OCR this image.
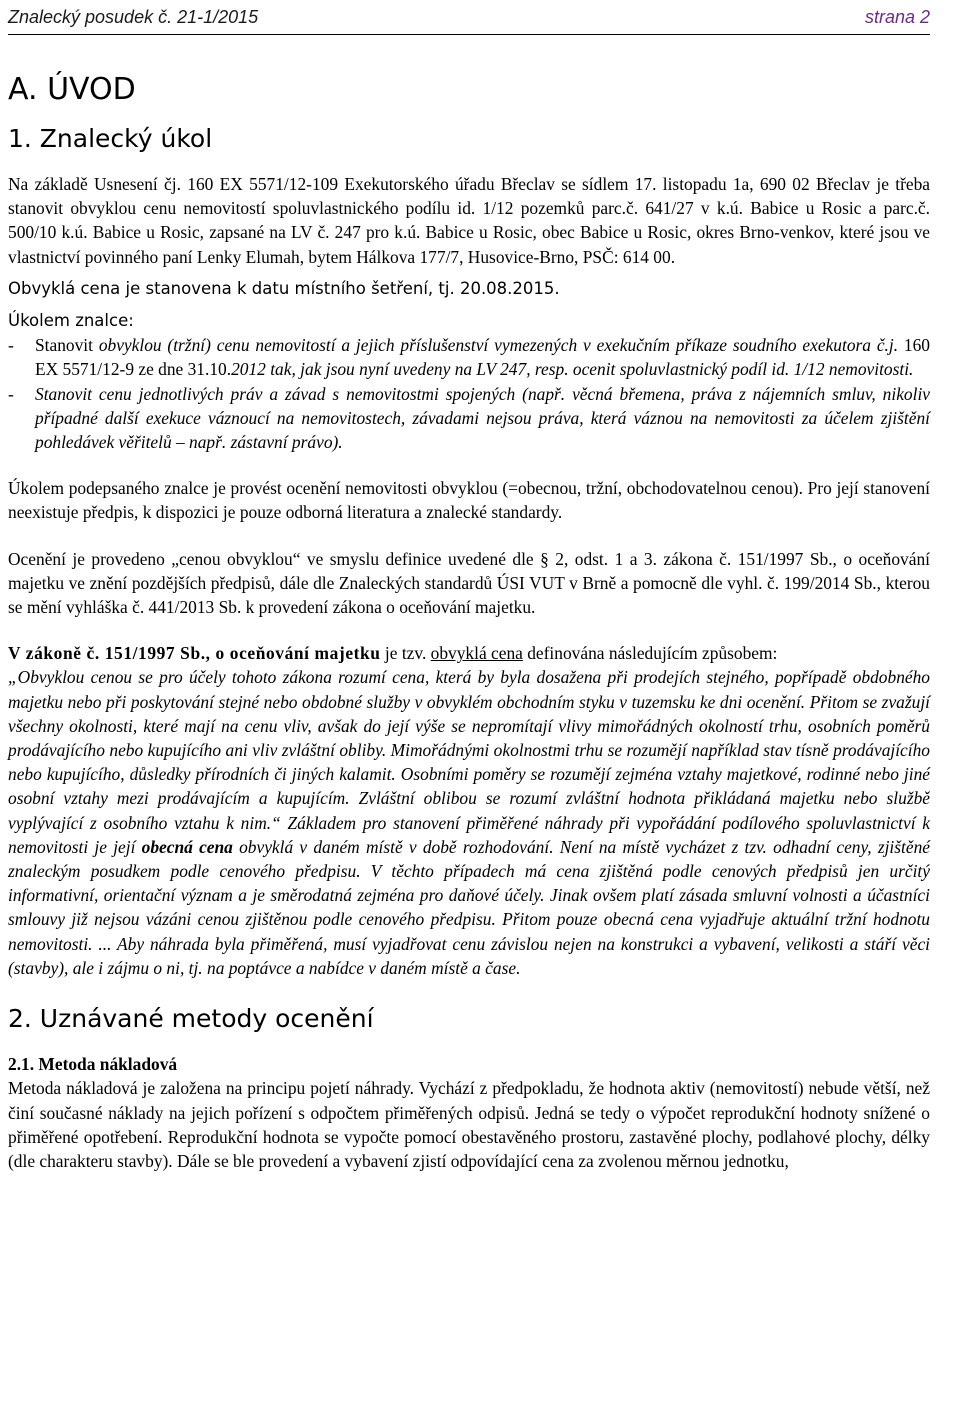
Znalecký posudek č. 21-1/2015	strana 2
A. ÚVOD
1. Znalecký úkol

Na základě Usnesení čj. 160 EX 5571/12-109 Exekutorského úřadu Břeclav se sídlem 17. listopadu 1a, 690 02 Břeclav je třeba stanovit obvyklou cenu nemovitostí spoluvlastnického podílu id. 1/12 pozemků parc.č. 641/27 v k.ú. Babice u Rosic a parc.č. 500/10 k.ú. Babice u Rosic, zapsané na LV č. 247 pro k.ú. Babice u Rosic, obec Babice u Rosic, okres Brno-venkov, které jsou ve vlastnictví povinného paní Lenky Elumah, bytem Hálkova 177/7, Husovice-Brno, PSČ: 614 00.

Obvyklá cena je stanovena k datu místního šetření, tj. 20.08.2015.

Úkolem znalce:
- Stanovit obvyklou (tržní) cenu nemovitostí a jejich příslušenství vymezených v exekučním příkaze soudního exekutora č.j. 160 EX 5571/12-9 ze dne 31.10.2012 tak, jak jsou nyní uvedeny na LV 247, resp. ocenit spoluvlastnický podíl id. 1/12 nemovitosti.
- Stanovit cenu jednotlivých práv a závad s nemovitostmi spojených (např. věcná břemena, práva z nájemních smluv, nikoliv případné další exekuce váznoucí na nemovitostech, závadami nejsou práva, která váznou na nemovitosti za účelem zjištění pohledávek věřitelů – např. zástavní právo).

Úkolem podepsaného znalce je provést ocenění nemovitosti obvyklou (=obecnou, tržní, obchodovatelnou cenou). Pro její stanovení neexistuje předpis, k dispozici je pouze odborná literatura a znalecké standardy.

Ocenění je provedeno „cenou obvyklou“ ve smyslu definice uvedené dle § 2, odst. 1 a 3. zákona č. 151/1997 Sb., o oceňování majetku ve znění pozdějších předpisů, dále dle Znaleckých standardů ÚSI VUT v Brně a pomocně dle vyhl. č. 199/2014 Sb., kterou se mění vyhláška č. 441/2013 Sb. k provedení zákona o oceňování majetku.

V zákoně č. 151/1997 Sb., o oceňování majetku je tzv. obvyklá cena definována následujícím způsobem:

„Obvyklou cenou se pro účely tohoto zákona rozumí cena, která by byla dosažena při prodejích stejného, popřípadě obdobného majetku nebo při poskytování stejné nebo obdobné služby v obvyklém obchodním styku v tuzemsku ke dni ocenění. Přitom se zvažují všechny okolnosti, které mají na cenu vliv, avšak do její výše se nepromítají vlivy mimořádných okolností trhu, osobních poměrů prodávajícího nebo kupujícího ani vliv zvláštní obliby. Mimořádnými okolnostmi trhu se rozumějí například stav tísně prodávajícího nebo kupujícího, důsledky přírodních či jiných kalamit. Osobními poměry se rozumějí zejména vztahy majetkové, rodinné nebo jiné osobní vztahy mezi prodávajícím a kupujícím. Zvláštní oblibou se rozumí zvláštní hodnota přikládaná majetku nebo službě vyplývající z osobního vztahu k nim.“ Základem pro stanovení přiměřené náhrady při vypořádání podílového spoluvlastnictví k nemovitosti je její obecná cena obvyklá v daném místě v době rozhodování. Není na místě vycházet z tzv. odhadní ceny, zjištěné znaleckým posudkem podle cenového předpisu. V těchto případech má cena zjištěná podle cenových předpisů jen určitý informativní, orientační význam a je směrodatná zejména pro daňové účely. Jinak ovšem platí zásada smluvní volnosti a účastníci smlouvy již nejsou vázáni cenou zjištěnou podle cenového předpisu. Přitom pouze obecná cena vyjadřuje aktuální tržní hodnotu nemovitosti. ... Aby náhrada byla přiměřená, musí vyjadřovat cenu závislou nejen na konstrukci a vybavení, velikosti a stáří věci (stavby), ale i zájmu o ni, tj. na poptávce a nabídce v daném místě a čase.

2. Uznávané metody ocenění
2.1. Metoda nákladová

Metoda nákladová je založena na principu pojetí náhrady. Vychází z předpokladu, že hodnota aktiv (nemovitostí) nebude větší, než činí současné náklady na jejich pořízení s odpočtem přiměřených odpisů. Jedná se tedy o výpočet reprodukční hodnoty snížené o přiměřené opotřebení. Reprodukční hodnota se vypočte pomocí obestavěného prostoru, zastavěné plochy, podlahové plochy, délky (dle charakteru stavby). Dále se ble provedení a vybavení zjistí odpovídající cena za zvolenou měrnou jednotku,
